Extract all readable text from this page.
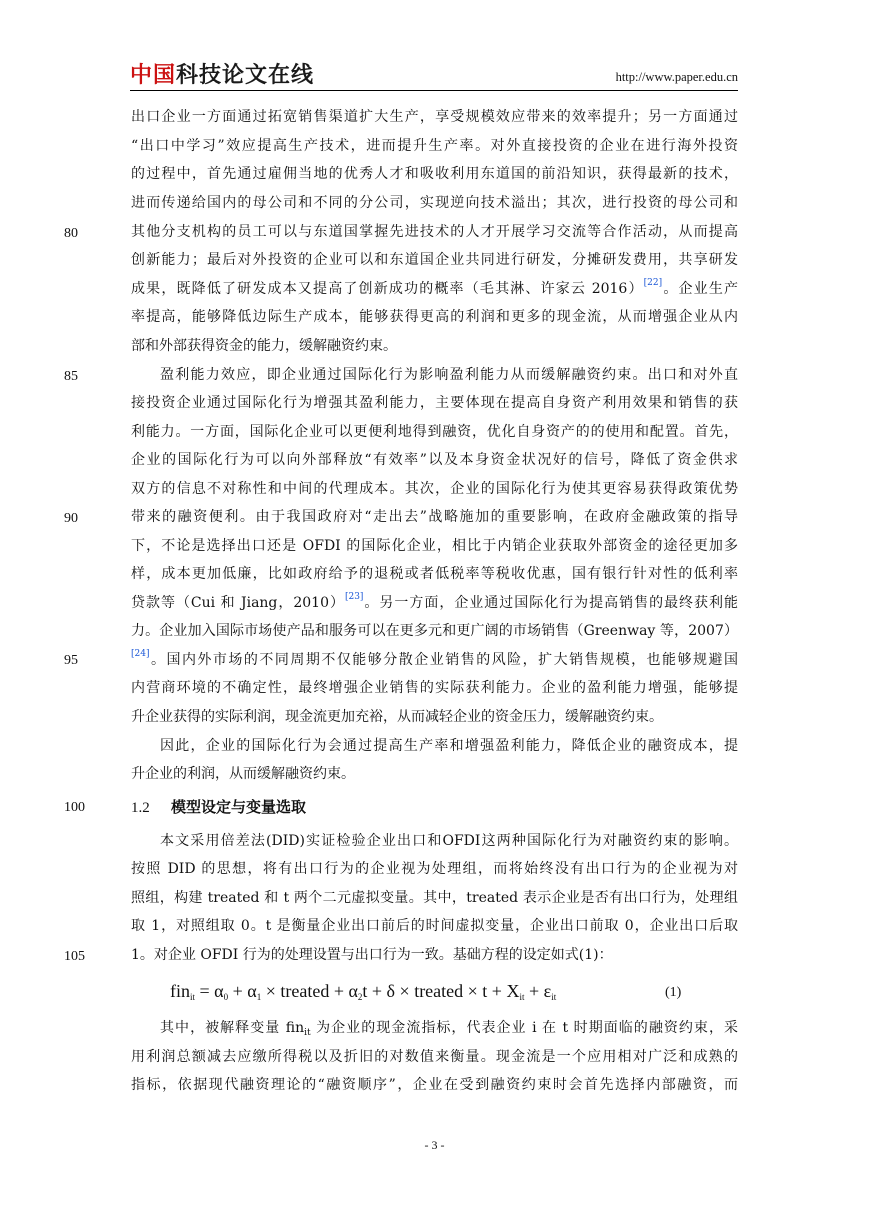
中国科技论文在线	http://www.paper.edu.cn
80
85
90
95
100
105
出口企业一方面通过拓宽销售渠道扩大生产，享受规模效应带来的效率提升；另一方面通过
“出口中学习”效应提高生产技术，进而提升生产率。对外直接投资的企业在进行海外投资
的过程中，首先通过雇佣当地的优秀人才和吸收利用东道国的前沿知识，获得最新的技术，
进而传递给国内的母公司和不同的分公司，实现逆向技术溢出；其次，进行投资的母公司和
其他分支机构的员工可以与东道国掌握先进技术的人才开展学习交流等合作活动，从而提高
创新能力；最后对外投资的企业可以和东道国企业共同进行研发，分摊研发费用，共享研发
成果，既降低了研发成本又提高了创新成功的概率（毛其淋、许家云 2016）[22]。企业生产
率提高，能够降低边际生产成本，能够获得更高的利润和更多的现金流，从而增强企业从内
部和外部获得资金的能力，缓解融资约束。
盈利能力效应，即企业通过国际化行为影响盈利能力从而缓解融资约束。出口和对外直
接投资企业通过国际化行为增强其盈利能力，主要体现在提高自身资产利用效果和销售的获
利能力。一方面，国际化企业可以更便利地得到融资，优化自身资产的的使用和配置。首先，
企业的国际化行为可以向外部释放“有效率”以及本身资金状况好的信号，降低了资金供求
双方的信息不对称性和中间的代理成本。其次，企业的国际化行为使其更容易获得政策优势
带来的融资便利。由于我国政府对“走出去”战略施加的重要影响，在政府金融政策的指导
下，不论是选择出口还是 OFDI 的国际化企业，相比于内销企业获取外部资金的途径更加多
样，成本更加低廉，比如政府给予的退税或者低税率等税收优惠，国有银行针对性的低利率
贷款等（Cui 和 Jiang，2010）[23]。另一方面，企业通过国际化行为提高销售的最终获利能
力。企业加入国际市场使产品和服务可以在更多元和更广阔的市场销售（Greenway 等，2007）
[24]。国内外市场的不同周期不仅能够分散企业销售的风险，扩大销售规模，也能够规避国
内营商环境的不确定性，最终增强企业销售的实际获利能力。企业的盈利能力增强，能够提
升企业获得的实际利润，现金流更加充裕，从而减轻企业的资金压力，缓解融资约束。
因此，企业的国际化行为会通过提高生产率和增强盈利能力，降低企业的融资成本，提
升企业的利润，从而缓解融资约束。
1.2 模型设定与变量选取
本文采用倍差法(DID)实证检验企业出口和OFDI这两种国际化行为对融资约束的影响。
按照 DID 的思想，将有出口行为的企业视为处理组，而将始终没有出口行为的企业视为对
照组，构建 treated 和 t 两个二元虚拟变量。其中，treated 表示企业是否有出口行为，处理组
取 1，对照组取 0。t 是衡量企业出口前后的时间虚拟变量，企业出口前取 0，企业出口后取
1。对企业 OFDI 行为的处理设置与出口行为一致。基础方程的设定如式(1)：
$fin_{it} = \alpha_0 + \alpha_1$ × treated + $\alpha_2t + \delta$ × treated × $t + X_{it} + \varepsilon_{it}$	(1)
其中，被解释变量 fin$_{it}$ 为企业的现金流指标，代表企业 i 在 t 时期面临的融资约束，采
用利润总额减去应缴所得税以及折旧的对数值来衡量。现金流是一个应用相对广泛和成熟的
指标，依据现代融资理论的“融资顺序”，企业在受到融资约束时会首先选择内部融资，而
- 3 -
